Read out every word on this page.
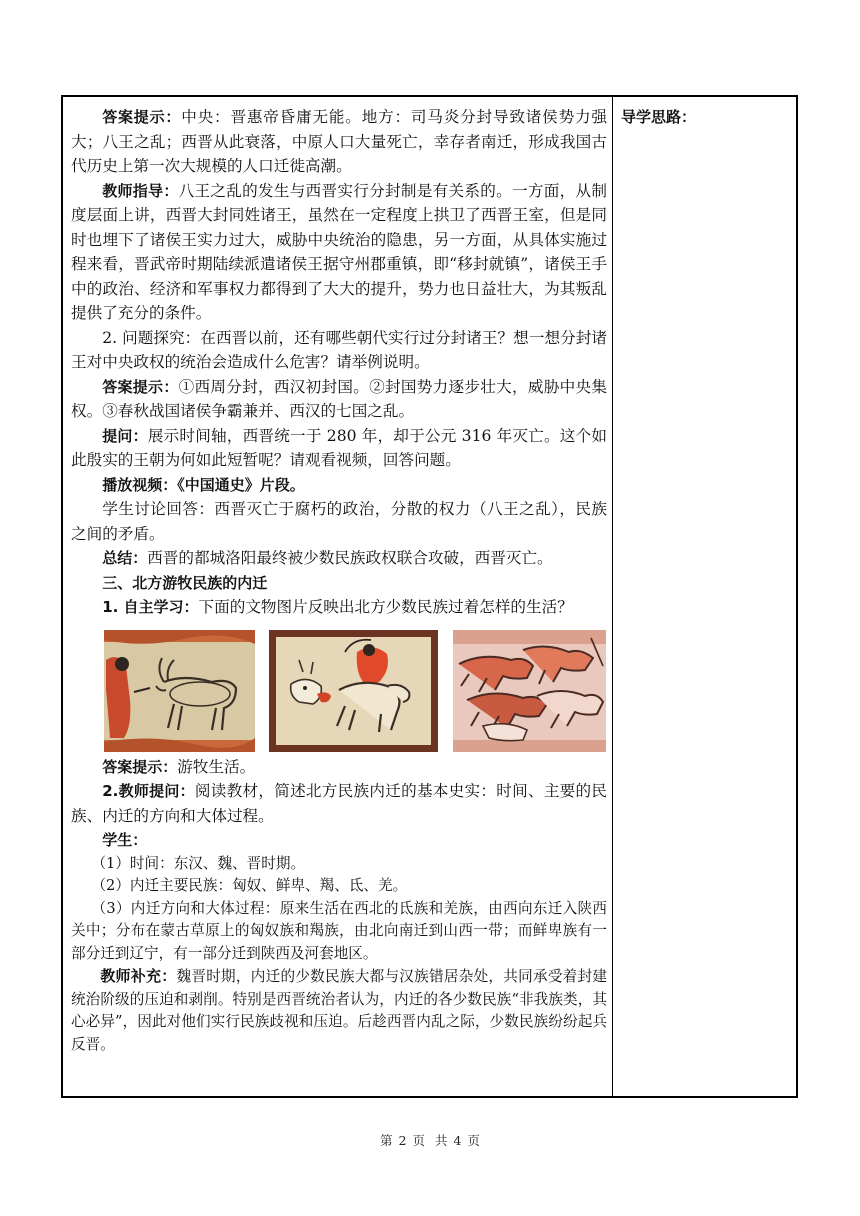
答案提示：中央：晋惠帝昏庸无能。地方：司马炎分封导致诸侯势力强大；八王之乱；西晋从此衰落，中原人口大量死亡，幸存者南迁，形成我国古代历史上第一次大规模的人口迁徙高潮。

教师指导：八王之乱的发生与西晋实行分封制是有关系的。一方面，从制度层面上讲，西晋大封同姓诸王，虽然在一定程度上拱卫了西晋王室，但是同时也埋下了诸侯王实力过大，威胁中央统治的隐患，另一方面，从具体实施过程来看，晋武帝时期陆续派遣诸侯王据守州郡重镇，即“移封就镇”，诸侯王手中的政治、经济和军事权力都得到了大大的提升，势力也日益壮大，为其叛乱提供了充分的条件。

2. 问题探究：在西晋以前，还有哪些朝代实行过分封诸王？想一想分封诸王对中央政权的统治会造成什么危害？请举例说明。

答案提示：①西周分封，西汉初封国。②封国势力逐步壮大，威胁中央集权。③春秋战国诸侯争霸兼并、西汉的七国之乱。

提问：展示时间轴，西晋统一于 280 年，却于公元 316 年灭亡。这个如此殷实的王朝为何如此短暂呢？请观看视频，回答问题。

播放视频：《中国通史》片段。

学生讨论回答：西晋灭亡于腐朽的政治，分散的权力（八王之乱），民族之间的矛盾。

总结：西晋的都城洛阳最终被少数民族政权联合攻破，西晋灭亡。

三、北方游牧民族的内迁

1. 自主学习：下面的文物图片反映出北方少数民族过着怎样的生活？

答案提示：游牧生活。

2.教师提问：阅读教材，简述北方民族内迁的基本史实：时间、主要的民族、内迁的方向和大体过程。

学生：

（1）时间：东汉、魏、晋时期。

（2）内迁主要民族：匈奴、鲜卑、羯、氐、羌。

（3）内迁方向和大体过程：原来生活在西北的氐族和羌族，由西向东迁入陕西关中；分布在蒙古草原上的匈奴族和羯族，由北向南迁到山西一带；而鲜卑族有一部分迁到辽宁，有一部分迁到陕西及河套地区。

教师补充：魏晋时期，内迁的少数民族大都与汉族错居杂处，共同承受着封建统治阶级的压迫和剥削。特别是西晋统治者认为，内迁的各少数民族“非我族类，其心必异”，因此对他们实行民族歧视和压迫。后趁西晋内乱之际，少数民族纷纷起兵反晋。

导学思路：
第 2 页 共 4 页
